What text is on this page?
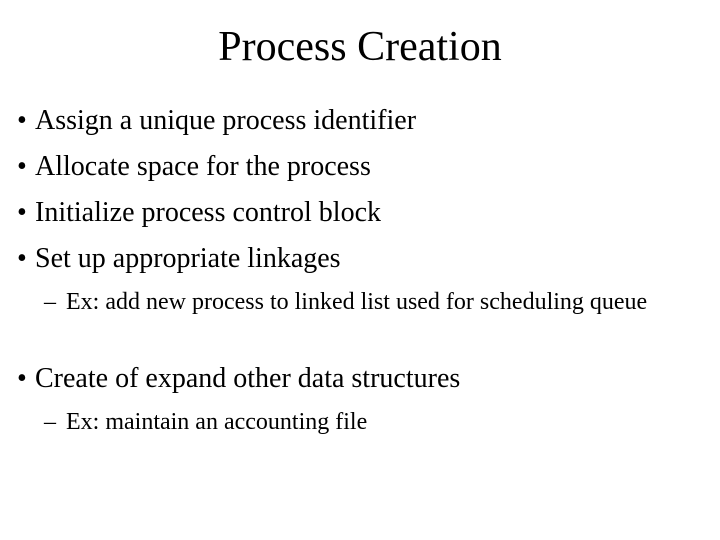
Process Creation
• Assign a unique process identifier
• Allocate space for the process
• Initialize process control block
• Set up appropriate linkages
– Ex: add new process to linked list used for scheduling queue
• Create of expand other data structures
– Ex: maintain an accounting file
